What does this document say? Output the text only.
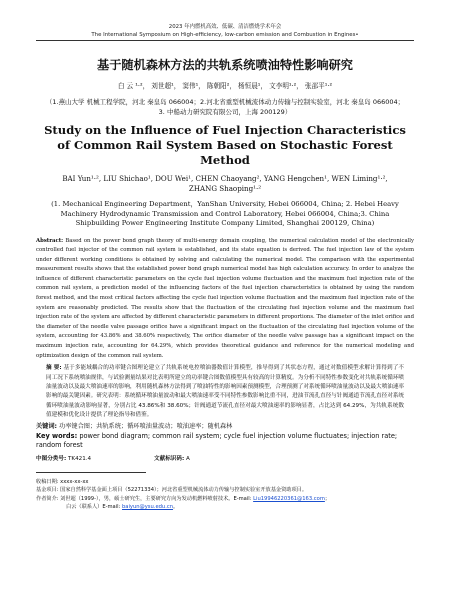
2023 年内燃机高效、低碳、清洁燃烧学术年会
The International Symposium on High-efficiency, low-carbon emission and Combustion in Engines•
基于随机森林方法的共轨系统喷油特性影响研究
白 云 ¹·²， 刘世超¹， 窦伟¹， 陈朝阳²， 杨恒晨¹， 文李明¹·²， 张邵平¹·²
（1.燕山大学 机械工程学院，河北 秦皇岛 066004；2.河北省重型机械流体动力传输与控制实验室，河北 秦皇岛 066004；3. 中船动力研究院有限公司，上海 200129）
Study on the Influence of Fuel Injection Characteristics of Common Rail System Based on Stochastic Forest Method
BAI Yun¹·², LIU Shichao¹, DOU Wei¹, CHEN Chaoyang², YANG Hengchen¹, WEN Liming¹·², ZHANG Shaoping¹·²
(1. Mechanical Engineering Department，YanShan University, Hebei 066004, China; 2. Hebei Heavy Machinery Hydrodynamic Transmission and Control Laboratory, Hebei 066004, China;3. China Shipbuilding Power Engineering Institute Company Limited, Shanghai 200129, China)
Abstract: Based on the power bond graph theory of multi-energy domain coupling, the numerical calculation model of the electronically controlled fuel injector of the common rail system is established, and its state equation is derived. The fuel injection law of the system under different working conditions is obtained by solving and calculating the numerical model. The comparison with the experimental measurement results shows that the established power bond graph numerical model has high calculation accuracy. In order to analyze the influence of different characteristic parameters on the cycle fuel injection volume fluctuation and the maximum fuel injection rate of the common rail system, a prediction model of the influencing factors of the fuel injection characteristics is obtained by using the random forest method, and the most critical factors affecting the cycle fuel injection volume fluctuation and the maximum fuel injection rate of the system are reasonably predicted. The results show that the fluctuation of the circulating fuel injection volume and the maximum fuel injection rate of the system are affected by different characteristic parameters in different proportions. The diameter of the inlet orifice and the diameter of the needle valve passage orifice have a significant impact on the fluctuation of the circulating fuel injection volume of the system, accounting for 43.86% and 38.60% respectively, The orifice diameter of the needle valve passage has a significant impact on the maximum injection rate, accounting for 64.29%, which provides theoretical guidance and reference for the numerical modeling and optimization design of the common rail system.
摘 要: 基于多能域耦合的功率键合图理论建立了共轨系统电控喷油器数值计算模型，推导得到了其状态方程，通过对数值模型求解计算得到了不同工况下系统喷油规律，与试验测量结果对比表明所建立的功率键合图数值模型具有较高的计算精度。为分析不同特性参数变化对共轨系统循环喷油量波动以及最大喷油速率的影响，利用随机森林方法得到了喷油特性的影响因素预测模型，合理预测了对系统循环喷油量波动以及最大喷油速率影响的最关键因素。研究表明：系统循环喷油量波动和最大喷油速率受不同特性参数影响比重不同，进油节流孔直径与针阀通道节流孔直径对系统循环喷油量波动影响显著，分别占比 43.86%和 38.60%；针阀通道节流孔直径对最大喷油速率的影响显著，占比达到 64.29%，为共轨系统数值建模和优化设计提供了理论指导和借鉴。
关键词: 功率键合图；共轨系统；循环喷油量波动；喷油速率；随机森林
Key words: power bond diagram; common rail system; cycle fuel injection volume fluctuates; injection rate; random forest
中图分类号: TK421.4	文献标识码: A
收稿日期: xxxx-xx-xx
基金项目: 国家自然科学基金面上项目（52271334）；河北省重型机械流体动力传输与控制实验室开放基金资助项目。
作者简介: 刘世超（1999-），男，硕士研究生，主要研究方向为发动机燃料喷射技术。E-mail: Liu19946220361@163.com；
白云（联系人）E-mail: baiyun@ysu.edu.cn。
